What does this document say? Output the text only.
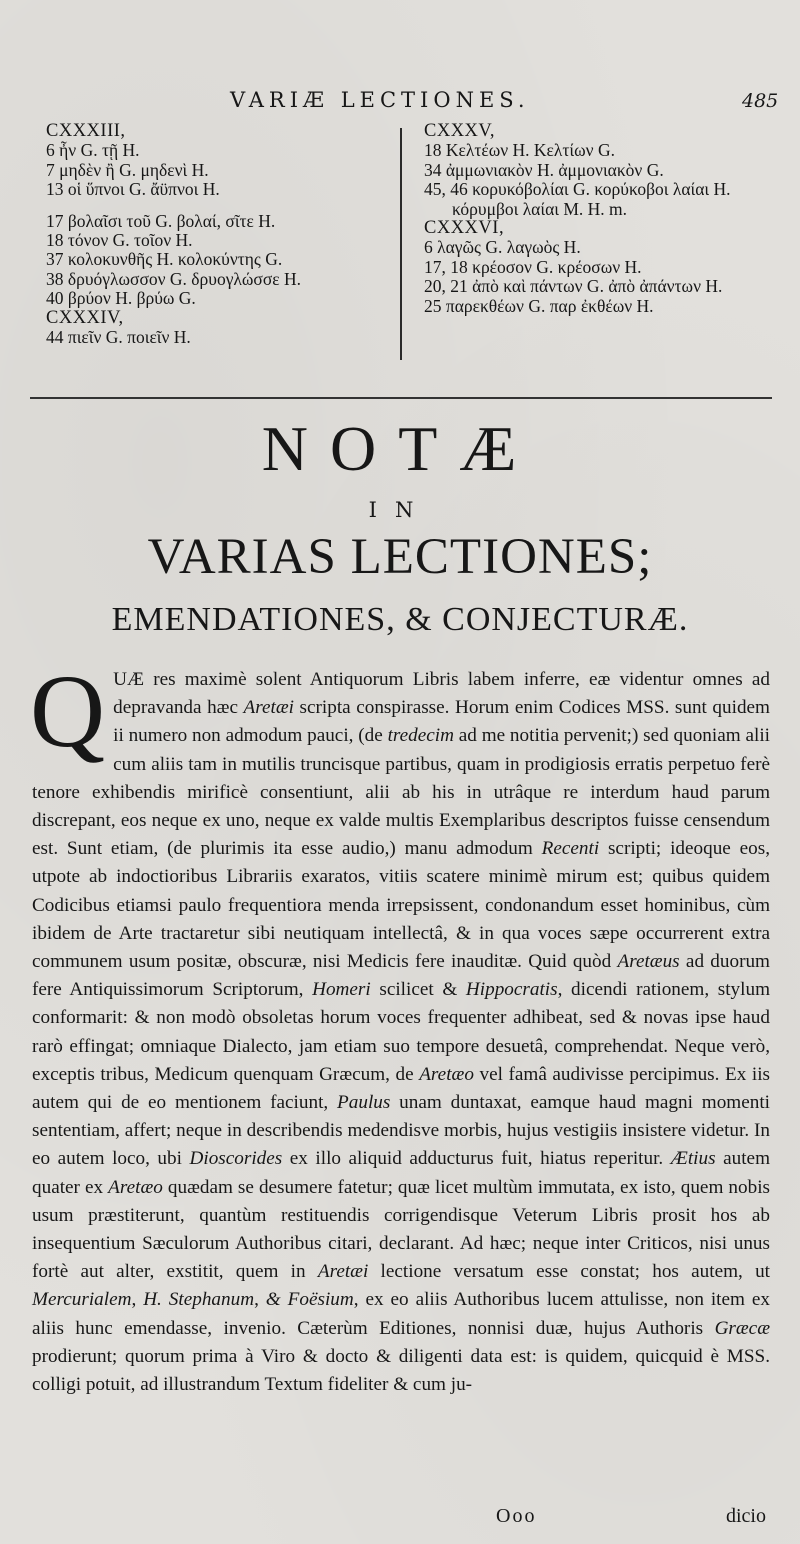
VARIÆ LECTIONES.	485
CXXXIII,
6 ἦν G. τῇ H.
7 μηδὲν ἢ G. μηδενὶ H.
13 οἱ ὕπνοι G. ἄϋπνοι H.
17 βολαῖσι τοῦ G. βολαί, σῖτε H.
18 τόνον G. τοῖον H.
37 κολοκυνθῆς H. κολοκύντης G.
38 δρυόγλωσσον G. δρυογλώσσε H.
40 βρύον H. βρύω G.
CXXXIV,
44 πιεῖν G. ποιεῖν H.
CXXXV,
18 Κελτέων H. Κελτίων G.
34 ἀμμωνιακὸν H. ἀμμονιακὸν G.
45, 46 κορυκόβολίαι G. κορύκοβοι λαίαι H. κόρυμβοι λαίαι M. H. m.
CXXXVI,
6 λαγῶς G. λαγωὸς H.
17, 18 κρέοσον G. κρέοσων H.
20, 21 ἀπὸ καὶ πάντων G. ἀπὸ ἀπάντων H.
25 παρεκθέων G. παρ ἐκθέων H.
NOTÆ
IN
VARIAS LECTIONES;
EMENDATIONES, & CONJECTURÆ.
QUÆ res maximè solent Antiquorum Libris labem inferre, eæ videntur omnes ad depravanda hæc Aretæi scripta conspirasse. Horum enim Codices MSS. sunt quidem ii numero non admodum pauci, (de tredecim ad me notitia pervenit;) sed quoniam alii cum aliis tam in mutilis truncisque partibus, quam in prodigiosis erratis perpetuo ferè tenore exhibendis mirificè consentiunt, alii ab his in utrâque re interdum haud parum discrepant, eos neque ex uno, neque ex valde multis Exemplaribus descriptos fuisse censendum est. Sunt etiam, (de plurimis ita esse audio,) manu admodum Recenti scripti; ideoque eos, utpote ab indoctioribus Librariis exaratos, vitiis scatere minimè mirum est; quibus quidem Codicibus etiamsi paulo frequentiora menda irrepsissent, condonandum esset hominibus, cùm ibidem de Arte tractaretur sibi neutiquam intellectâ, & in qua voces sæpe occurrerent extra communem usum positæ, obscuræ, nisi Medicis fere inauditæ. Quid quòd Aretæus ad duorum fere Antiquissimorum Scriptorum, Homeri scilicet & Hippocratis, dicendi rationem, stylum conformarit: & non modò obsoletas horum voces frequenter adhibeat, sed & novas ipse haud rarò effingat; omniaque Dialecto, jam etiam suo tempore desuetâ, comprehendat. Neque verò, exceptis tribus, Medicum quenquam Græcum, de Aretæo vel famâ audivisse percipimus. Ex iis autem qui de eo mentionem faciunt, Paulus unam duntaxat, eamque haud magni momenti sententiam, affert; neque in describendis medendisve morbis, hujus vestigiis insistere videtur. In eo autem loco, ubi Dioscorides ex illo aliquid adducturus fuit, hiatus reperitur. Ætius autem quater ex Aretæo quædam se desumere fatetur; quæ licet multùm immutata, ex isto, quem nobis usum præstiterunt, quantùm restituendis corrigendisque Veterum Libris prosit hos ab insequentium Sæculorum Authoribus citari, declarant. Ad hæc; neque inter Criticos, nisi unus fortè aut alter, exstitit, quem in Aretæi lectione versatum esse constat; hos autem, ut Mercurialem, H. Stephanum, & Foësium, ex eo aliis Authoribus lucem attulisse, non item ex aliis hunc emendasse, invenio. Cæterùm Editiones, nonnisi duæ, hujus Authoris Græcæ prodierunt; quorum prima à Viro & docto & diligenti data est: is quidem, quicquid è MSS. colligi potuit, ad illustrandum Textum fideliter & cum ju-
Ooo	dicio
